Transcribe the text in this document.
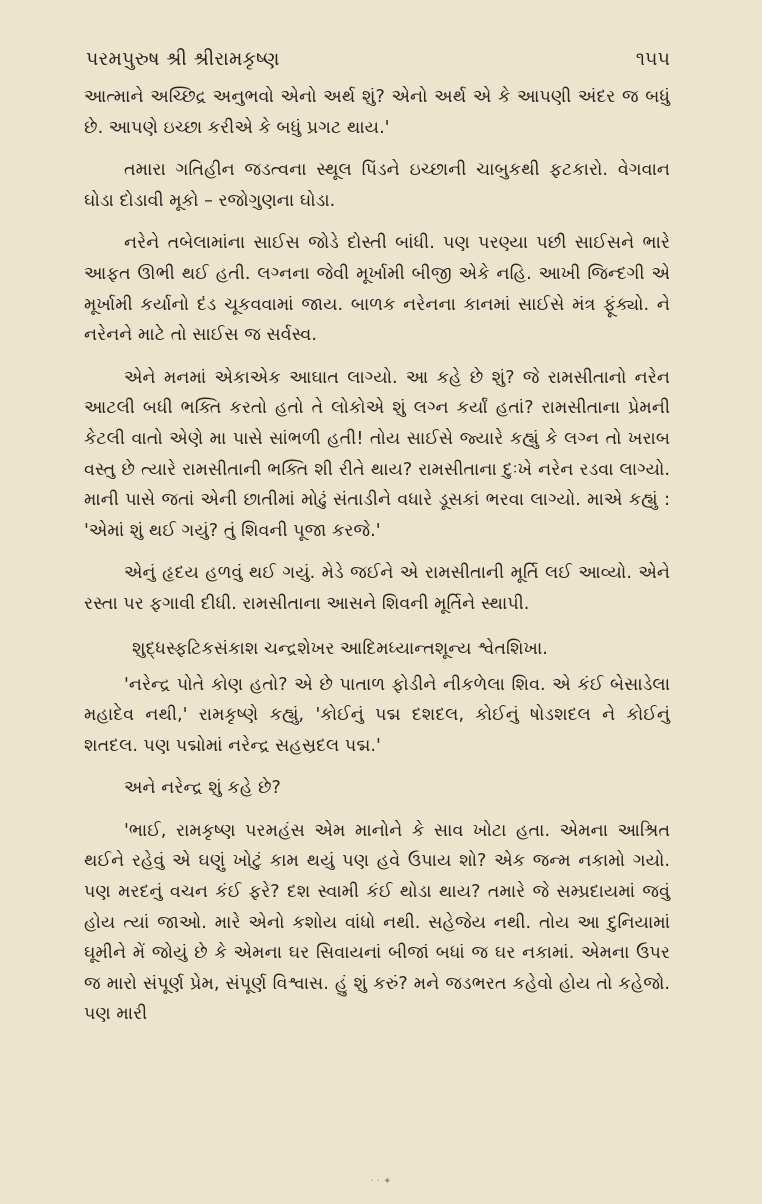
પરમપુરુષ શ્રી શ્રીરામકૃષ્ણ	૧૫૫

આત્માને અચ્છિદ્ર અનુભવો એનો અર્થ શું? એનો અર્થ એ કે આપણી અંદર જ બધું છે. આપણે ઇચ્છા કરીએ કે બધું પ્રગટ થાય.'

તમારા ગતિહીન જડત્વના સ્થૂલ પિંડને ઇચ્છાની ચાબુકથી ફટકારો. વેગવાન ઘોડા દોડાવી મૂકો – રજોગુણના ઘોડા.

નરેને તબેલામાંના સાઈસ જોડે દોસ્તી બાંધી. પણ પરણ્યા પછી સાઈસને ભારે આફત ઊભી થઈ હતી. લગ્નના જેવી મૂર્ખામી બીજી એકે નહિ. આખી જિન્દગી એ મૂર્ખામી કર્યાનો દંડ ચૂકવવામાં જાય. બાળક નરેનના કાનમાં સાઈસે મંત્ર ફૂંક્યો. ને નરેનને માટે તો સાઈસ જ સર્વસ્વ.

એને મનમાં એકાએક આઘાત લાગ્યો. આ કહે છે શું? જે રામસીતાનો નરેન આટલી બધી ભક્તિ કરતો હતો તે લોકોએ શું લગ્ન કર્યાં હતાં? રામસીતાના પ્રેમની કેટલી વાતો એણે મા પાસે સાંભળી હતી! તોય સાઈસે જ્યારે કહ્યું કે લગ્ન તો ખરાબ વસ્તુ છે ત્યારે રામસીતાની ભક્તિ શી રીતે થાય? રામસીતાના દુઃખે નરેન રડવા લાગ્યો. માની પાસે જતાં એની છાતીમાં મોઢું સંતાડીને વધારે ડૂસકાં ભરવા લાગ્યો. માએ કહ્યું : 'એમાં શું થઈ ગયું? તું શિવની પૂજા કરજે.'

એનું હૃદય હળવું થઈ ગયું. મેડે જઈને એ રામસીતાની મૂર્તિ લઈ આવ્યો. એને રસ્તા પર ફગાવી દીધી. રામસીતાના આસને શિવની મૂર્તિને સ્થાપી.

શુદ્ધસ્ફટિકસંકાશ ચન્દ્રશેખર આદિમધ્યાન્તશૂન્ય શ્વેતશિખા.

'નરેન્દ્ર પોતે કોણ હતો? એ છે પાતાળ ફોડીને નીકળેલા શિવ. એ કંઈ બેસાડેલા મહાદેવ નથી,' રામકૃષ્ણે કહ્યું, 'કોઈનું પદ્મ દશદલ, કોઈનું ષોડશદલ ને કોઈનું શતદલ. પણ પદ્મોમાં નરેન્દ્ર સહસ્રદલ પદ્મ.'

અને નરેન્દ્ર શું કહે છે?

'ભાઈ, રામકૃષ્ણ પરમહંસ એમ માનોને કે સાવ ખોટા હતા. એમના આશ્રિત થઈને રહેવું એ ઘણું ખોટું કામ થયું પણ હવે ઉપાય શો? એક જન્મ નકામો ગયો. પણ મરદનું વચન કંઈ ફરે? દશ સ્વામી કંઈ થોડા થાય? તમારે જે સમ્પ્રદાયમાં જવું હોય ત્યાં જાઓ. મારે એનો કશોય વાંધો નથી. સહેજેય નથી. તોય આ દુનિયામાં ઘૂમીને મેં જોયું છે કે એમના ઘર સિવાયનાં બીજાં બધાં જ ઘર નકામાં. એમના ઉપર જ મારો સંપૂર્ણ પ્રેમ, સંપૂર્ણ વિશ્વાસ. હું શું કરું? મને જડભરત કહેવો હોય તો કહેજો. પણ મારી

· · ✦
